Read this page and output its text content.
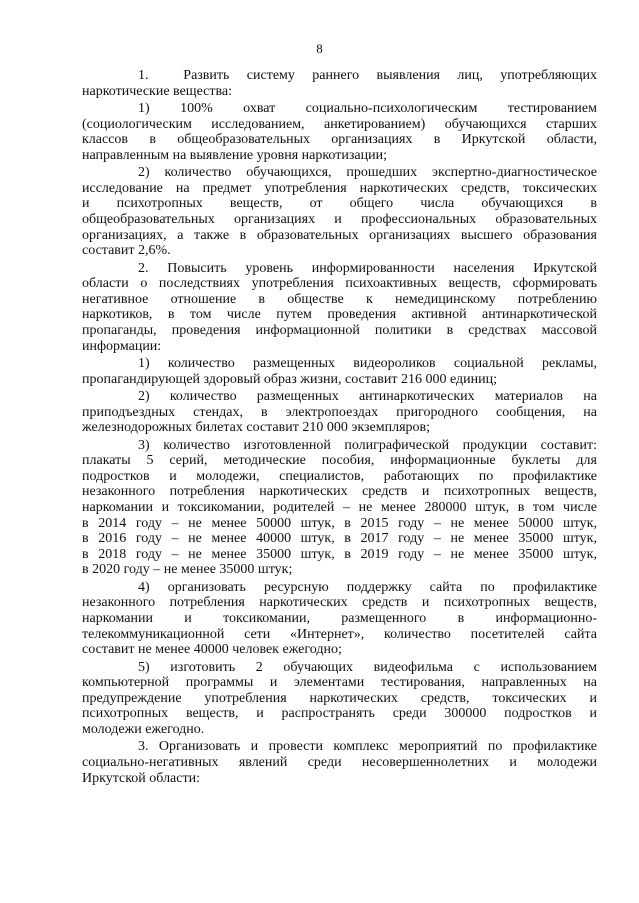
8
1.  Развить систему раннего выявления лиц, употребляющих
наркотические вещества:
1)    100%    охват    социально-психологическим    тестированием
(социологическим исследованием, анкетированием) обучающихся старших
классов в общеобразовательных организациях в Иркутской области,
направленным на выявление уровня наркотизации;
2) количество обучающихся, прошедших экспертно-диагностическое
исследование на предмет употребления наркотических средств, токсических
и психотропных веществ, от общего числа обучающихся в
общеобразовательных организациях и профессиональных образовательных
организациях, а также в образовательных организациях высшего образования
составит 2,6%.
2. Повысить уровень информированности населения Иркутской
области о последствиях употребления психоактивных веществ, сформировать
негативное отношение в обществе к немедицинскому потреблению
наркотиков, в том числе путем проведения активной антинаркотической
пропаганды, проведения информационной политики в средствах массовой
информации:
1) количество размещенных видеороликов социальной рекламы,
пропагандирующей здоровый образ жизни, составит 216 000 единиц;
2) количество размещенных антинаркотических материалов на
приподъездных стендах, в электропоездах пригородного сообщения, на
железнодорожных билетах составит 210 000 экземпляров;
3) количество изготовленной полиграфической продукции составит:
плакаты 5 серий, методические пособия, информационные буклеты для
подростков и молодежи, специалистов, работающих по профилактике
незаконного потребления наркотических средств и психотропных веществ,
наркомании и токсикомании, родителей – не менее 280000 штук, в том числе
в 2014 году – не менее 50000 штук, в 2015 году – не менее 50000 штук,
в 2016 году – не менее 40000 штук, в 2017 году – не менее 35000 штук,
в 2018 году – не менее 35000 штук, в 2019 году – не менее 35000 штук,
в 2020 году – не менее 35000 штук;
4) организовать ресурсную поддержку сайта по профилактике
незаконного потребления наркотических средств и психотропных веществ,
наркомании и токсикомании, размещенного в информационно-
телекоммуникационной сети «Интернет», количество посетителей сайта
составит не менее 40000 человек ежегодно;
5) изготовить 2 обучающих видеофильма с использованием
компьютерной программы и элементами тестирования, направленных на
предупреждение употребления наркотических средств, токсических и
психотропных веществ, и распространять среди 300000 подростков и
молодежи ежегодно.
3. Организовать и провести комплекс мероприятий по профилактике
социально-негативных явлений среди несовершеннолетних и молодежи
Иркутской области:
